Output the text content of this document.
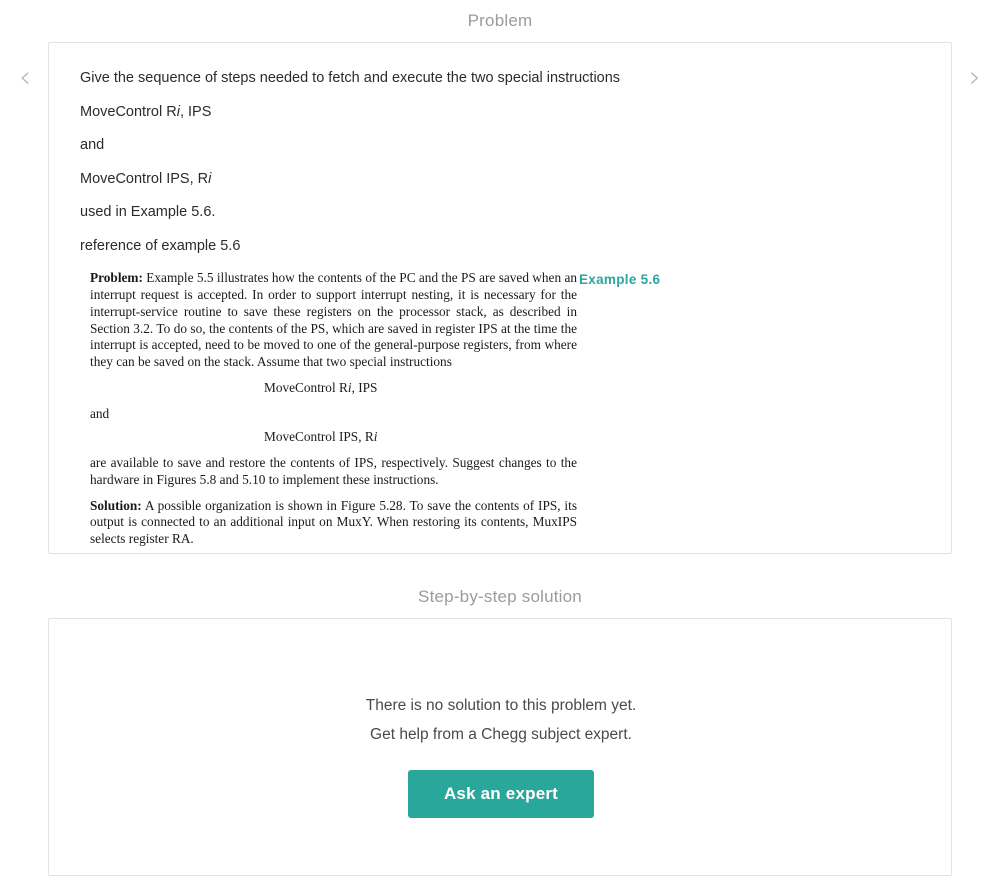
Problem
‹	›
Give the sequence of steps needed to fetch and execute the two special instructions
MoveControl Ri, IPS
and
MoveControl IPS, Ri
used in Example 5.6.
reference of example 5.6
Example 5.6

Problem: Example 5.5 illustrates how the contents of the PC and the PS are saved when an interrupt request is accepted. In order to support interrupt nesting, it is necessary for the interrupt-service routine to save these registers on the processor stack, as described in Section 3.2. To do so, the contents of the PS, which are saved in register IPS at the time the interrupt is accepted, need to be moved to one of the general-purpose registers, from where they can be saved on the stack. Assume that two special instructions

MoveControl Ri, IPS

and

MoveControl IPS, Ri

are available to save and restore the contents of IPS, respectively. Suggest changes to the hardware in Figures 5.8 and 5.10 to implement these instructions.

Solution: A possible organization is shown in Figure 5.28. To save the contents of IPS, its output is connected to an additional input on MuxY. When restoring its contents, MuxIPS selects register RA.

Step-by-step solution
There is no solution to this problem yet.
Get help from a Chegg subject expert.
Ask an expert
